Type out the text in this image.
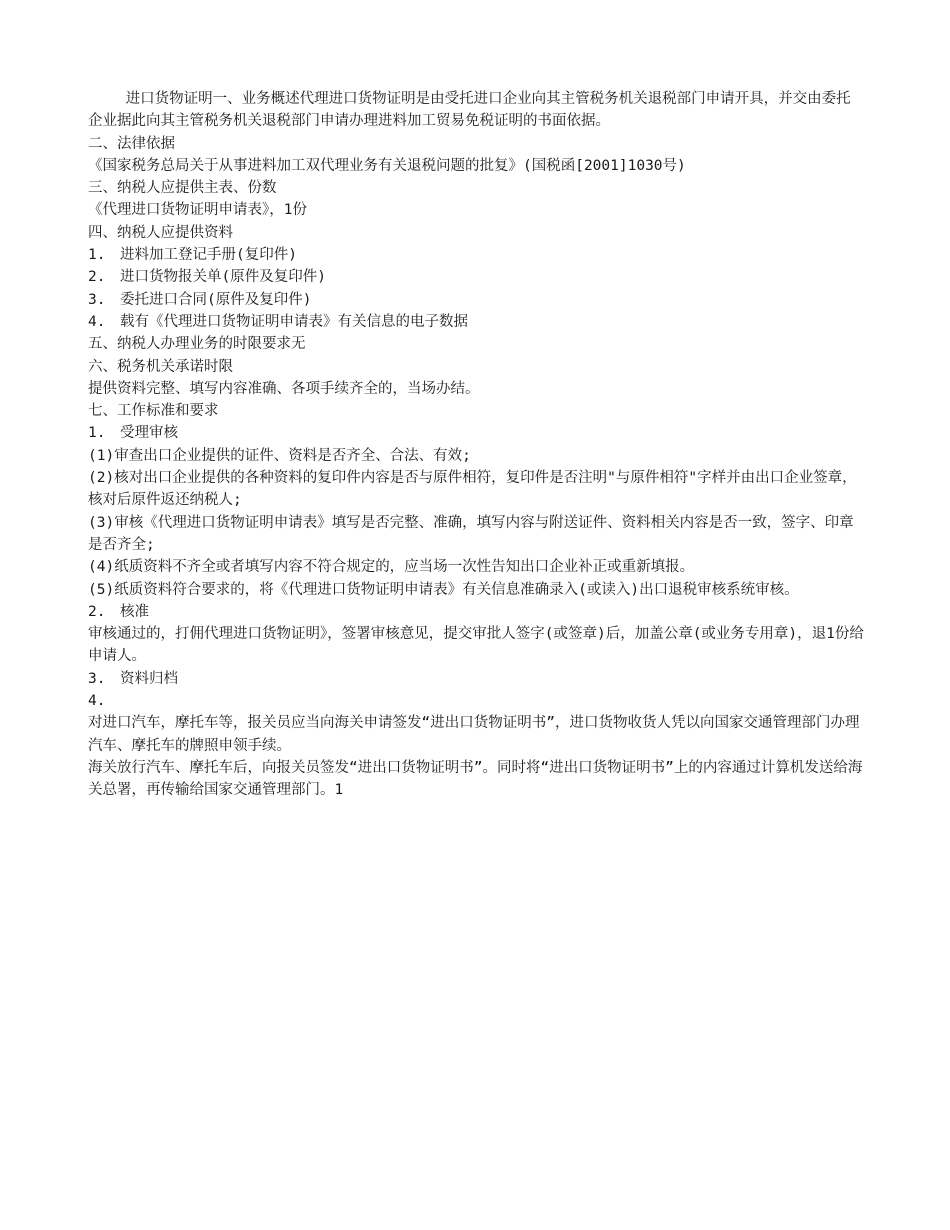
进口货物证明一、业务概述代理进口货物证明是由受托进口企业向其主管税务机关退税部门申请开具，并交由委托企业据此向其主管税务机关退税部门申请办理进料加工贸易免税证明的书面依据。

二、法律依据

《国家税务总局关于从事进料加工双代理业务有关退税问题的批复》(国税函[2001]1030号)

三、纳税人应提供主表、份数

《代理进口货物证明申请表》，1份

四、纳税人应提供资料

1.　进料加工登记手册(复印件)

2.　进口货物报关单(原件及复印件)

3.　委托进口合同(原件及复印件)

4.　载有《代理进口货物证明申请表》有关信息的电子数据

五、纳税人办理业务的时限要求无

六、税务机关承诺时限

提供资料完整、填写内容准确、各项手续齐全的，当场办结。

七、工作标准和要求

1.　受理审核

(1)审查出口企业提供的证件、资料是否齐全、合法、有效;

(2)核对出口企业提供的各种资料的复印件内容是否与原件相符，复印件是否注明"与原件相符"字样并由出口企业签章，核对后原件返还纳税人;

(3)审核《代理进口货物证明申请表》填写是否完整、准确，填写内容与附送证件、资料相关内容是否一致，签字、印章是否齐全;

(4)纸质资料不齐全或者填写内容不符合规定的，应当场一次性告知出口企业补正或重新填报。

(5)纸质资料符合要求的，将《代理进口货物证明申请表》有关信息准确录入(或读入)出口退税审核系统审核。

2.　核准

审核通过的，打佣代理进口货物证明》，签署审核意见，提交审批人签字(或签章)后，加盖公章(或业务专用章)，退1份给申请人。

3.　资料归档

4.

对进口汽车，摩托车等，报关员应当向海关申请签发“进出口货物证明书”，进口货物收货人凭以向国家交通管理部门办理汽车、摩托车的牌照申领手续。

海关放行汽车、摩托车后，向报关员签发“进出口货物证明书”。同时将“进出口货物证明书”上的内容通过计算机发送给海关总署，再传输给国家交通管理部门。1
